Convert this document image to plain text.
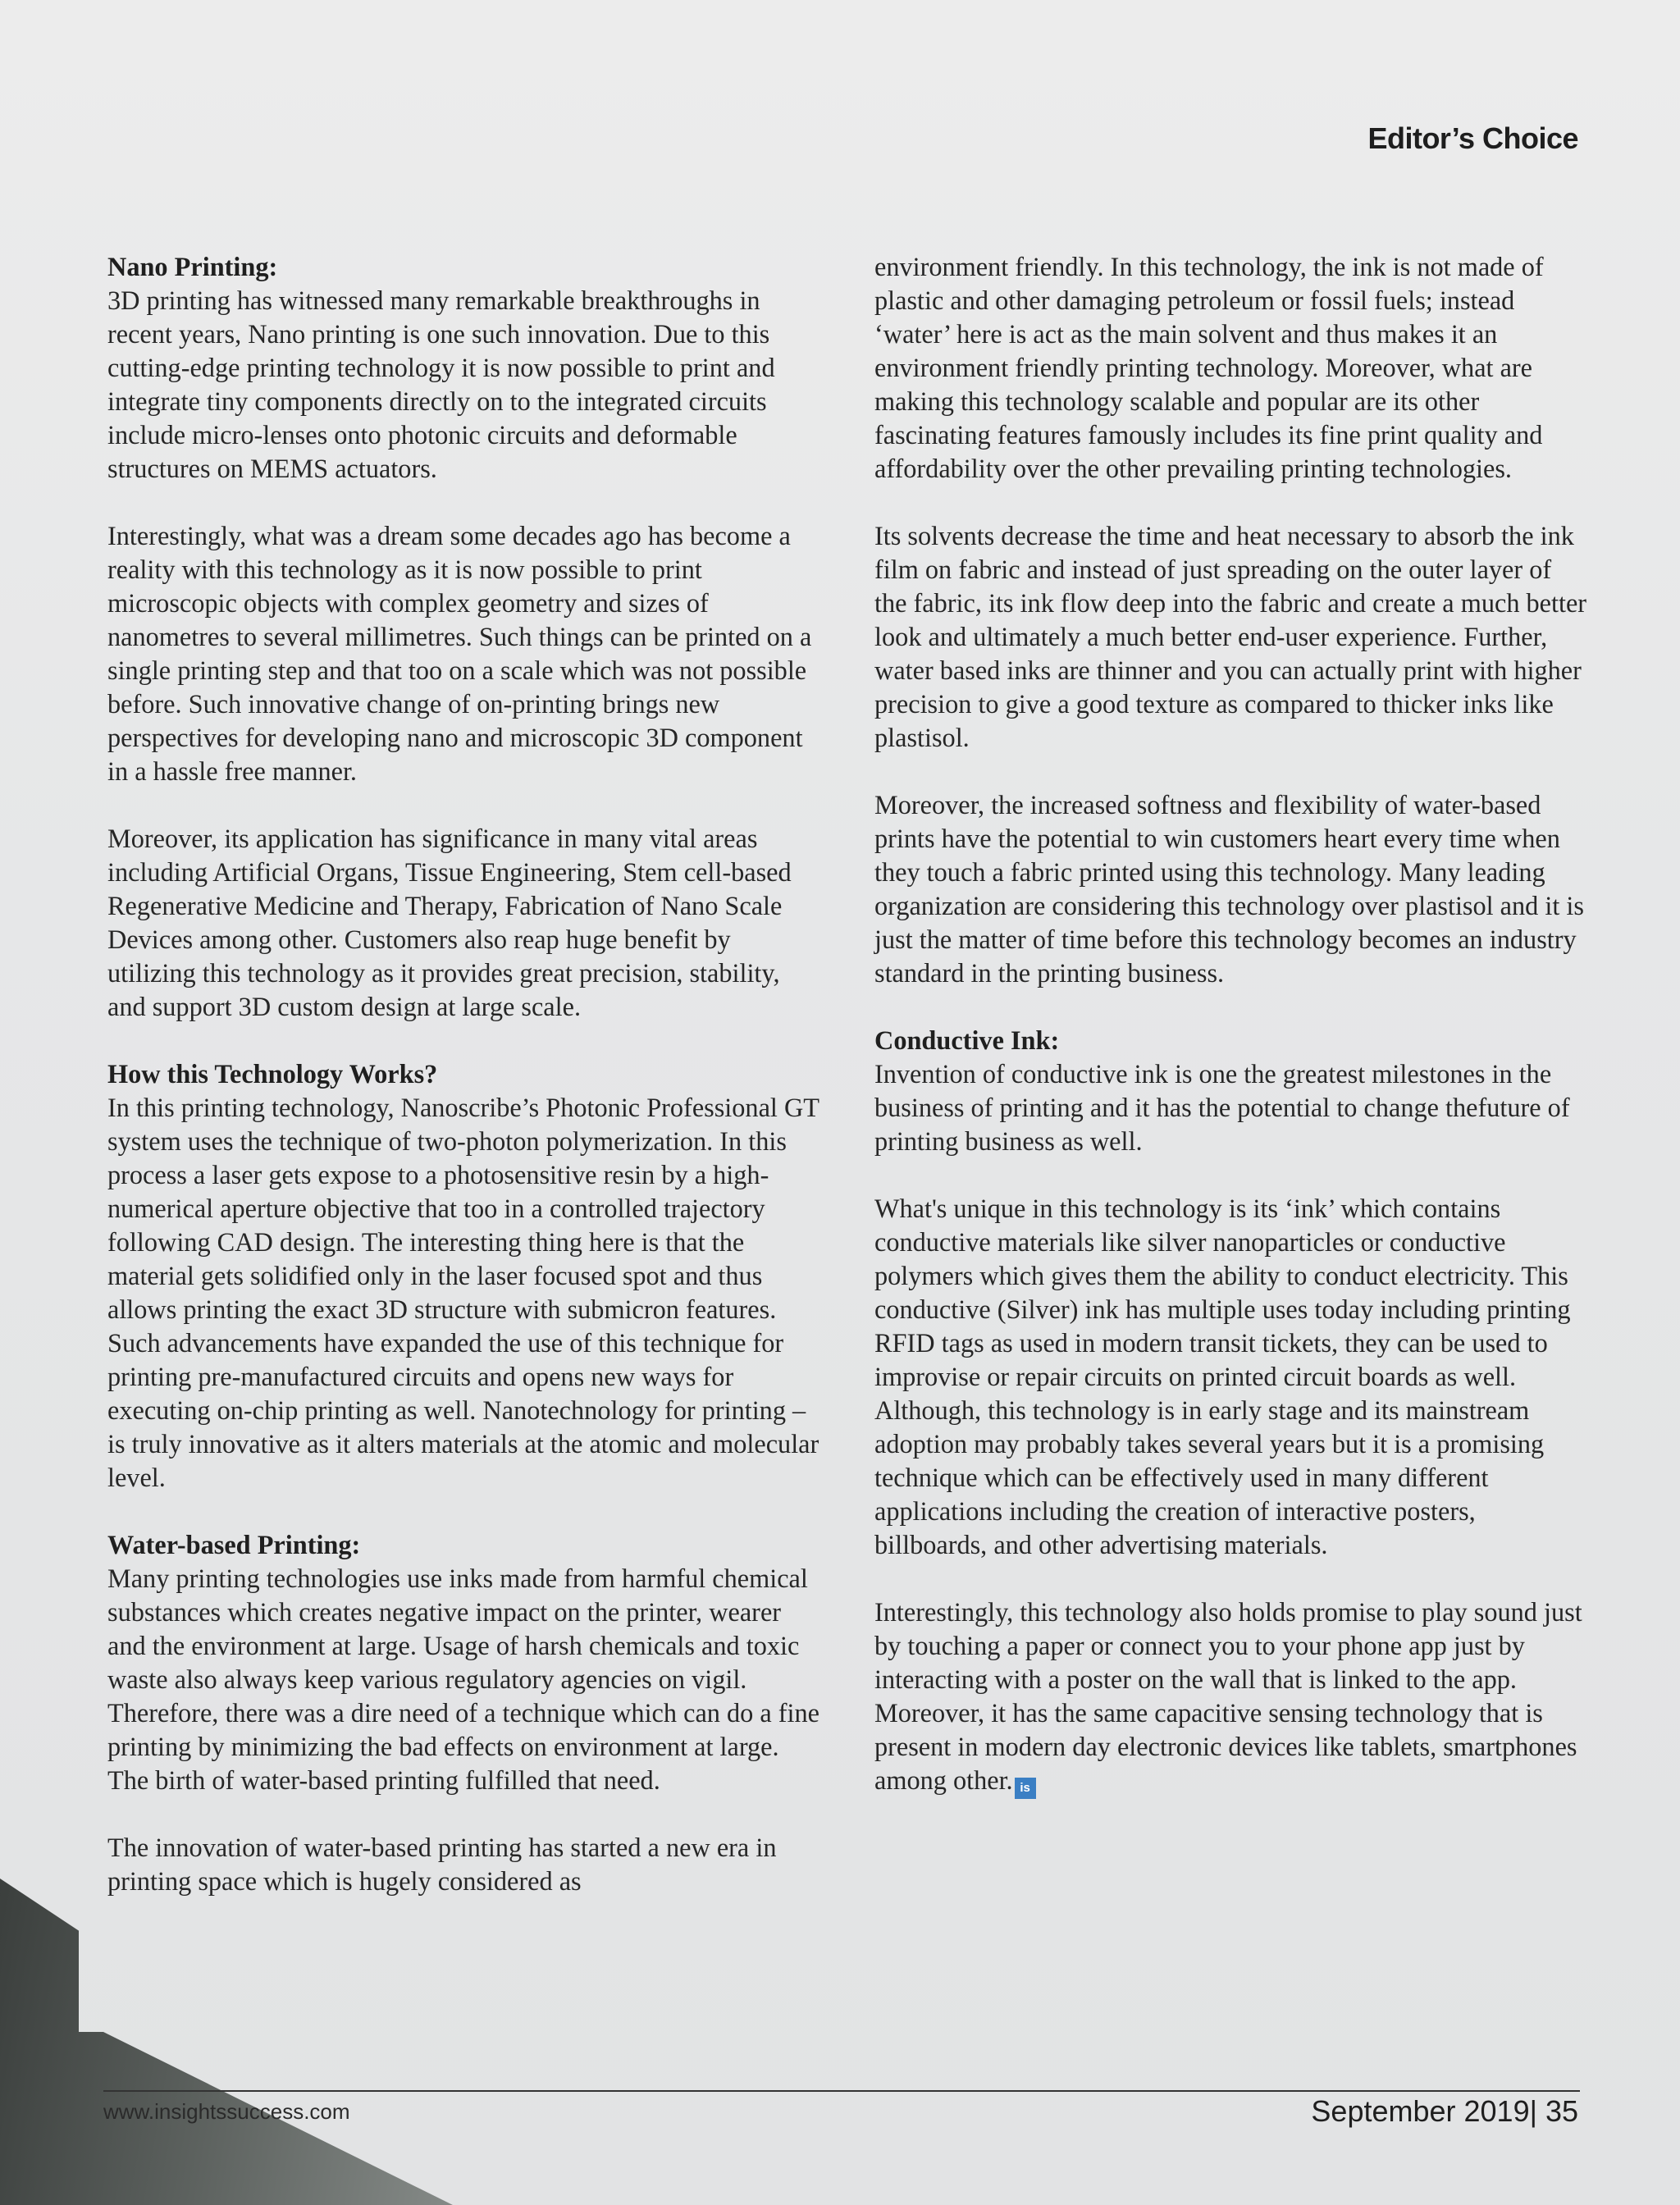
Editor’s Choice
Nano Printing:

3D printing has witnessed many remarkable breakthroughs in recent years, Nano printing is one such innovation. Due to this cutting-edge printing technology it is now possible to print and integrate tiny components directly on to the integrated circuits include micro-lenses onto photonic circuits and deformable structures on MEMS actuators.

Interestingly, what was a dream some decades ago has become a reality with this technology as it is now possible to print microscopic objects with complex geometry and sizes of nanometres to several millimetres. Such things can be printed on a single printing step and that too on a scale which was not possible before. Such innovative change of on-printing brings new perspectives for developing nano and microscopic 3D component in a hassle free manner.

Moreover, its application has significance in many vital areas including Artificial Organs, Tissue Engineering, Stem cell-based Regenerative Medicine and Therapy, Fabrication of Nano Scale Devices among other. Customers also reap huge benefit by utilizing this technology as it provides great precision, stability, and support 3D custom design at large scale.

How this Technology Works?

In this printing technology, Nanoscribe’s Photonic Professional GT system uses the technique of two-photon polymerization. In this process a laser gets expose to a photosensitive resin by a high-numerical aperture objective that too in a controlled trajectory following CAD design. The interesting thing here is that the material gets solidified only in the laser focused spot and thus allows printing the exact 3D structure with submicron features. Such advancements have expanded the use of this technique for printing pre-manufactured circuits and opens new ways for executing on-chip printing as well. Nanotechnology for printing – is truly innovative as it alters materials at the atomic and molecular level.

Water-based Printing:

Many printing technologies use inks made from harmful chemical substances which creates negative impact on the printer, wearer and the environment at large. Usage of harsh chemicals and toxic waste also always keep various regulatory agencies on vigil. Therefore, there was a dire need of a technique which can do a fine printing by minimizing the bad effects on environment at large. The birth of water-based printing fulfilled that need.

The innovation of water-based printing has started a new era in printing space which is hugely considered as

environment friendly. In this technology, the ink is not made of plastic and other damaging petroleum or fossil fuels; instead ‘water’ here is act as the main solvent and thus makes it an environment friendly printing technology. Moreover, what are making this technology scalable and popular are its other fascinating features famously includes its fine print quality and affordability over the other prevailing printing technologies.

Its solvents decrease the time and heat necessary to absorb the ink film on fabric and instead of just spreading on the outer layer of the fabric, its ink flow deep into the fabric and create a much better look and ultimately a much better end-user experience. Further, water based inks are thinner and you can actually print with higher precision to give a good texture as compared to thicker inks like plastisol.

Moreover, the increased softness and flexibility of water-based prints have the potential to win customers heart every time when they touch a fabric printed using this technology. Many leading organization are considering this technology over plastisol and it is just the matter of time before this technology becomes an industry standard in the printing business.

Conductive Ink:

Invention of conductive ink is one the greatest milestones in the business of printing and it has the potential to change thefuture of printing business as well.

What's unique in this technology is its ‘ink’ which contains conductive materials like silver nanoparticles or conductive polymers which gives them the ability to conduct electricity. This conductive (Silver) ink has multiple uses today including printing RFID tags as used in modern transit tickets, they can be used to improvise or repair circuits on printed circuit boards as well. Although, this technology is in early stage and its mainstream adoption may probably takes several years but it is a promising technique which can be effectively used in many different applications including the creation of interactive posters, billboards, and other advertising materials.

Interestingly, this technology also holds promise to play sound just by touching a paper or connect you to your phone app just by interacting with a poster on the wall that is linked to the app. Moreover, it has the same capacitive sensing technology that is present in modern day electronic devices like tablets, smartphones among other. is

www.insightssuccess.com	September 2019| 35
